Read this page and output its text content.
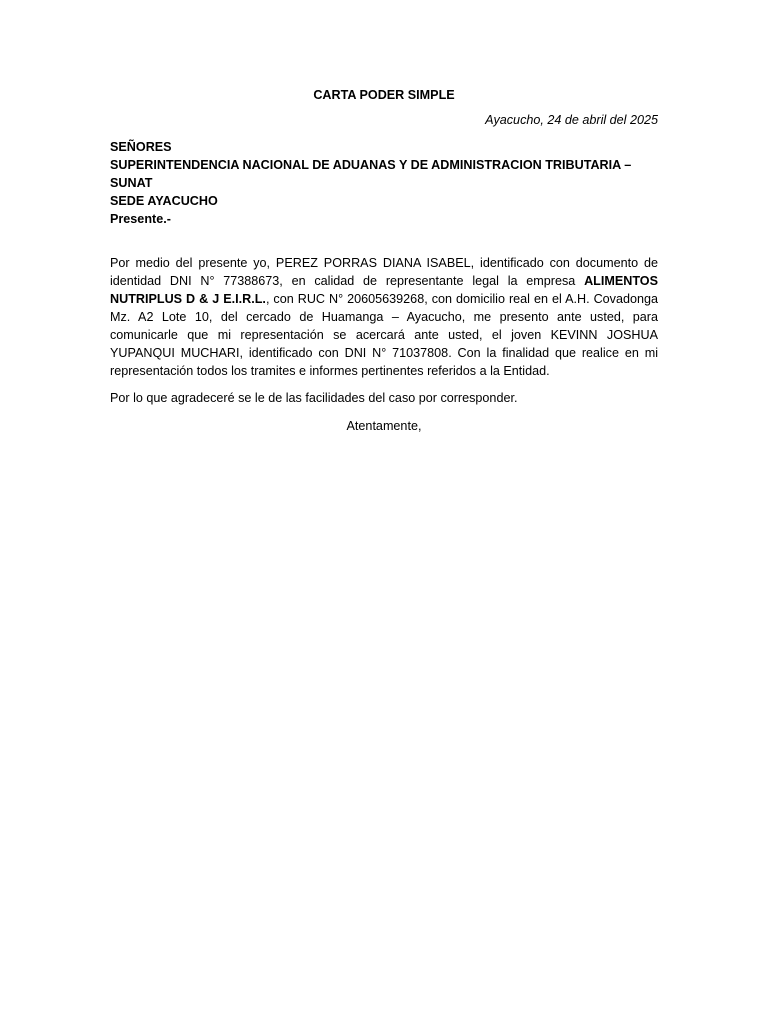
CARTA PODER SIMPLE

Ayacucho, 24 de abril del 2025

SEÑORES

SUPERINTENDENCIA NACIONAL DE ADUANAS Y DE ADMINISTRACION TRIBUTARIA – SUNAT

SEDE AYACUCHO

Presente.-

Por medio del presente yo, PEREZ PORRAS DIANA ISABEL, identificado con documento de identidad DNI N° 77388673, en calidad de representante legal la empresa ALIMENTOS NUTRIPLUS D & J E.I.R.L., con RUC N° 20605639268, con domicilio real en el A.H. Covadonga Mz. A2 Lote 10, del cercado de Huamanga – Ayacucho, me presento ante usted, para comunicarle que mi representación se acercará ante usted, el joven KEVINN JOSHUA YUPANQUI MUCHARI, identificado con DNI N° 71037808. Con la finalidad que realice en mi representación todos los tramites e informes pertinentes referidos a la Entidad.

Por lo que agradeceré se le de las facilidades del caso por corresponder.

Atentamente,
